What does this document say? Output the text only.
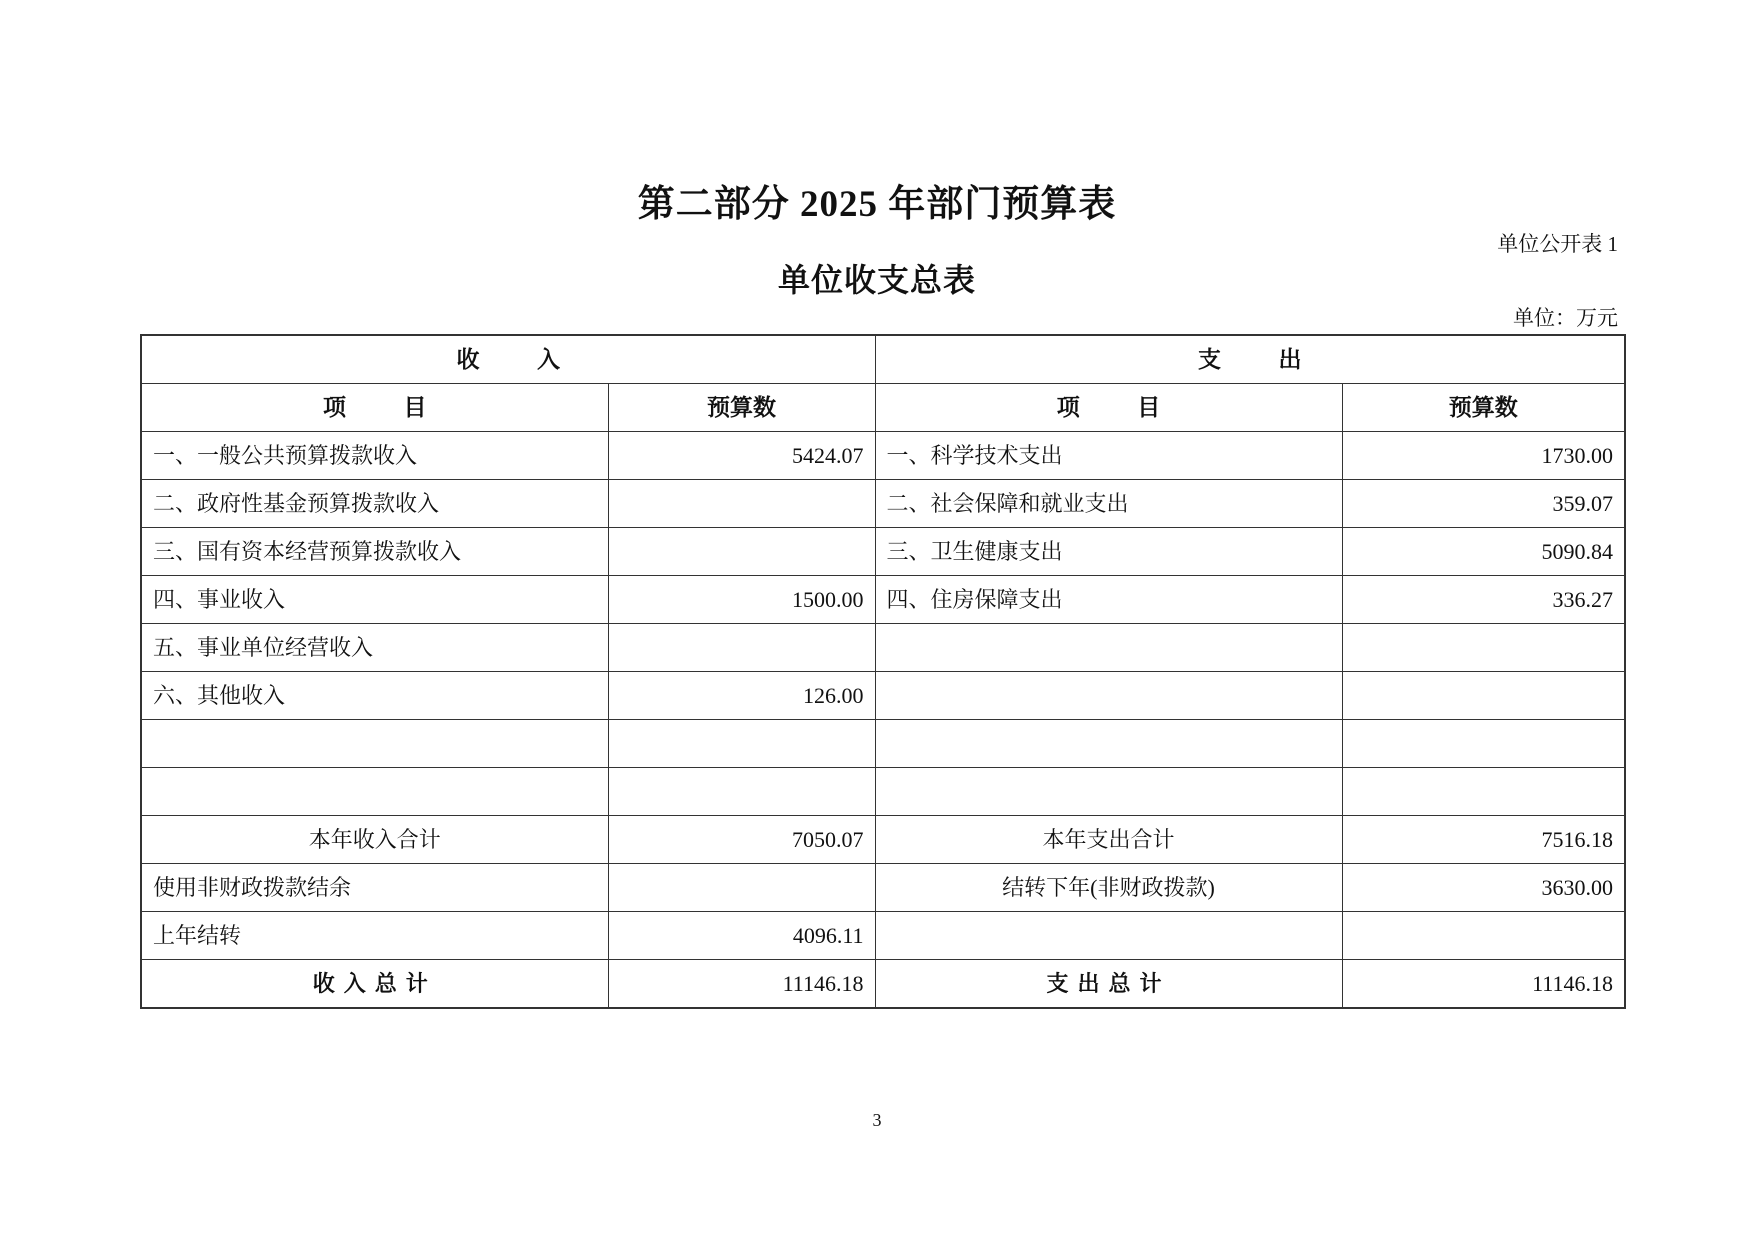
第二部分 2025 年部门预算表
单位公开表 1
单位收支总表
单位：万元
收          入		支          出	
项          目	预算数	项          目	预算数
一、一般公共预算拨款收入	5424.07	一、科学技术支出	1730.00
二、政府性基金预算拨款收入		二、社会保障和就业支出	359.07
三、国有资本经营预算拨款收入		三、卫生健康支出	5090.84
四、事业收入	1500.00	四、住房保障支出	336.27
五、事业单位经营收入			
六、其他收入	126.00		

本年收入合计	7050.07	本年支出合计	7516.18
使用非财政拨款结余		结转下年(非财政拨款)	3630.00
上年结转	4096.11		
收入总计	11146.18	支出总计	11146.18
3
